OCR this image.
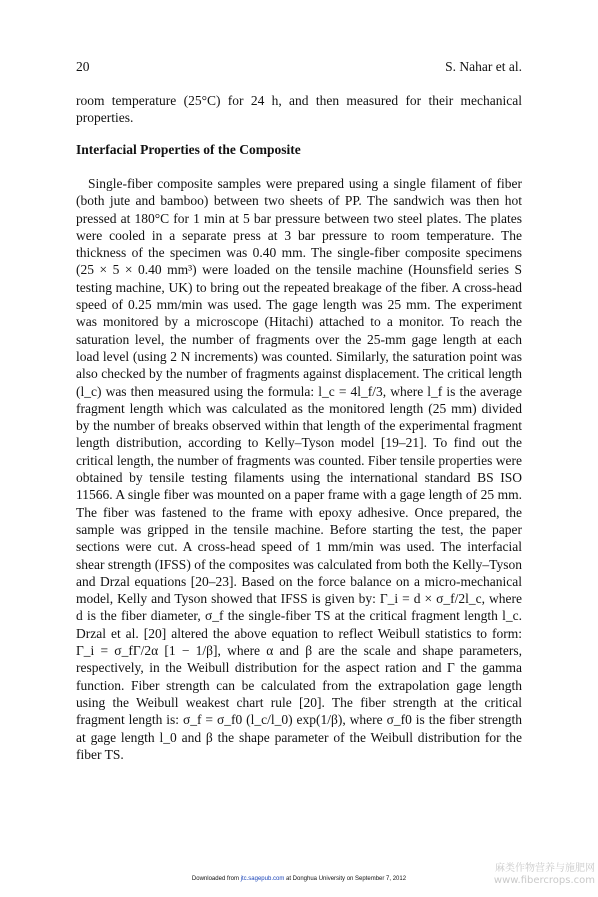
20	S. Nahar et al.
room temperature (25°C) for 24 h, and then measured for their mechanical properties.
Interfacial Properties of the Composite
Single-fiber composite samples were prepared using a single filament of fiber (both jute and bamboo) between two sheets of PP. The sandwich was then hot pressed at 180°C for 1 min at 5 bar pressure between two steel plates. The plates were cooled in a separate press at 3 bar pressure to room temperature. The thickness of the specimen was 0.40 mm. The single-fiber composite specimens (25 × 5 × 0.40 mm³) were loaded on the tensile machine (Hounsfield series S testing machine, UK) to bring out the repeated breakage of the fiber. A cross-head speed of 0.25 mm/min was used. The gage length was 25 mm. The experiment was monitored by a microscope (Hitachi) attached to a monitor. To reach the saturation level, the number of fragments over the 25-mm gage length at each load level (using 2 N increments) was counted. Similarly, the saturation point was also checked by the number of fragments against displacement. The critical length (l_c) was then measured using the formula: l_c = 4l_f/3, where l_f is the average fragment length which was calculated as the monitored length (25 mm) divided by the number of breaks observed within that length of the experimental fragment length distribution, according to Kelly–Tyson model [19–21]. To find out the critical length, the number of fragments was counted. Fiber tensile properties were obtained by tensile testing filaments using the international standard BS ISO 11566. A single fiber was mounted on a paper frame with a gage length of 25 mm. The fiber was fastened to the frame with epoxy adhesive. Once prepared, the sample was gripped in the tensile machine. Before starting the test, the paper sections were cut. A cross-head speed of 1 mm/min was used. The interfacial shear strength (IFSS) of the composites was calculated from both the Kelly–Tyson and Drzal equations [20–23]. Based on the force balance on a micro-mechanical model, Kelly and Tyson showed that IFSS is given by: Γ_i = d × σ_f/2l_c, where d is the fiber diameter, σ_f the single-fiber TS at the critical fragment length l_c. Drzal et al. [20] altered the above equation to reflect Weibull statistics to form: Γ_i = σ_fΓ/2α [1 − 1/β], where α and β are the scale and shape parameters, respectively, in the Weibull distribution for the aspect ration and Γ the gamma function. Fiber strength can be calculated from the extrapolation gage length using the Weibull weakest chart rule [20]. The fiber strength at the critical fragment length is: σ_f = σ_f0 (l_c/l_0) exp(1/β), where σ_f0 is the fiber strength at gage length l_0 and β the shape parameter of the Weibull distribution for the fiber TS.
Downloaded from jtc.sagepub.com at Donghua University on September 7, 2012
麻类作物营养与施肥网
www.fibercrops.com
